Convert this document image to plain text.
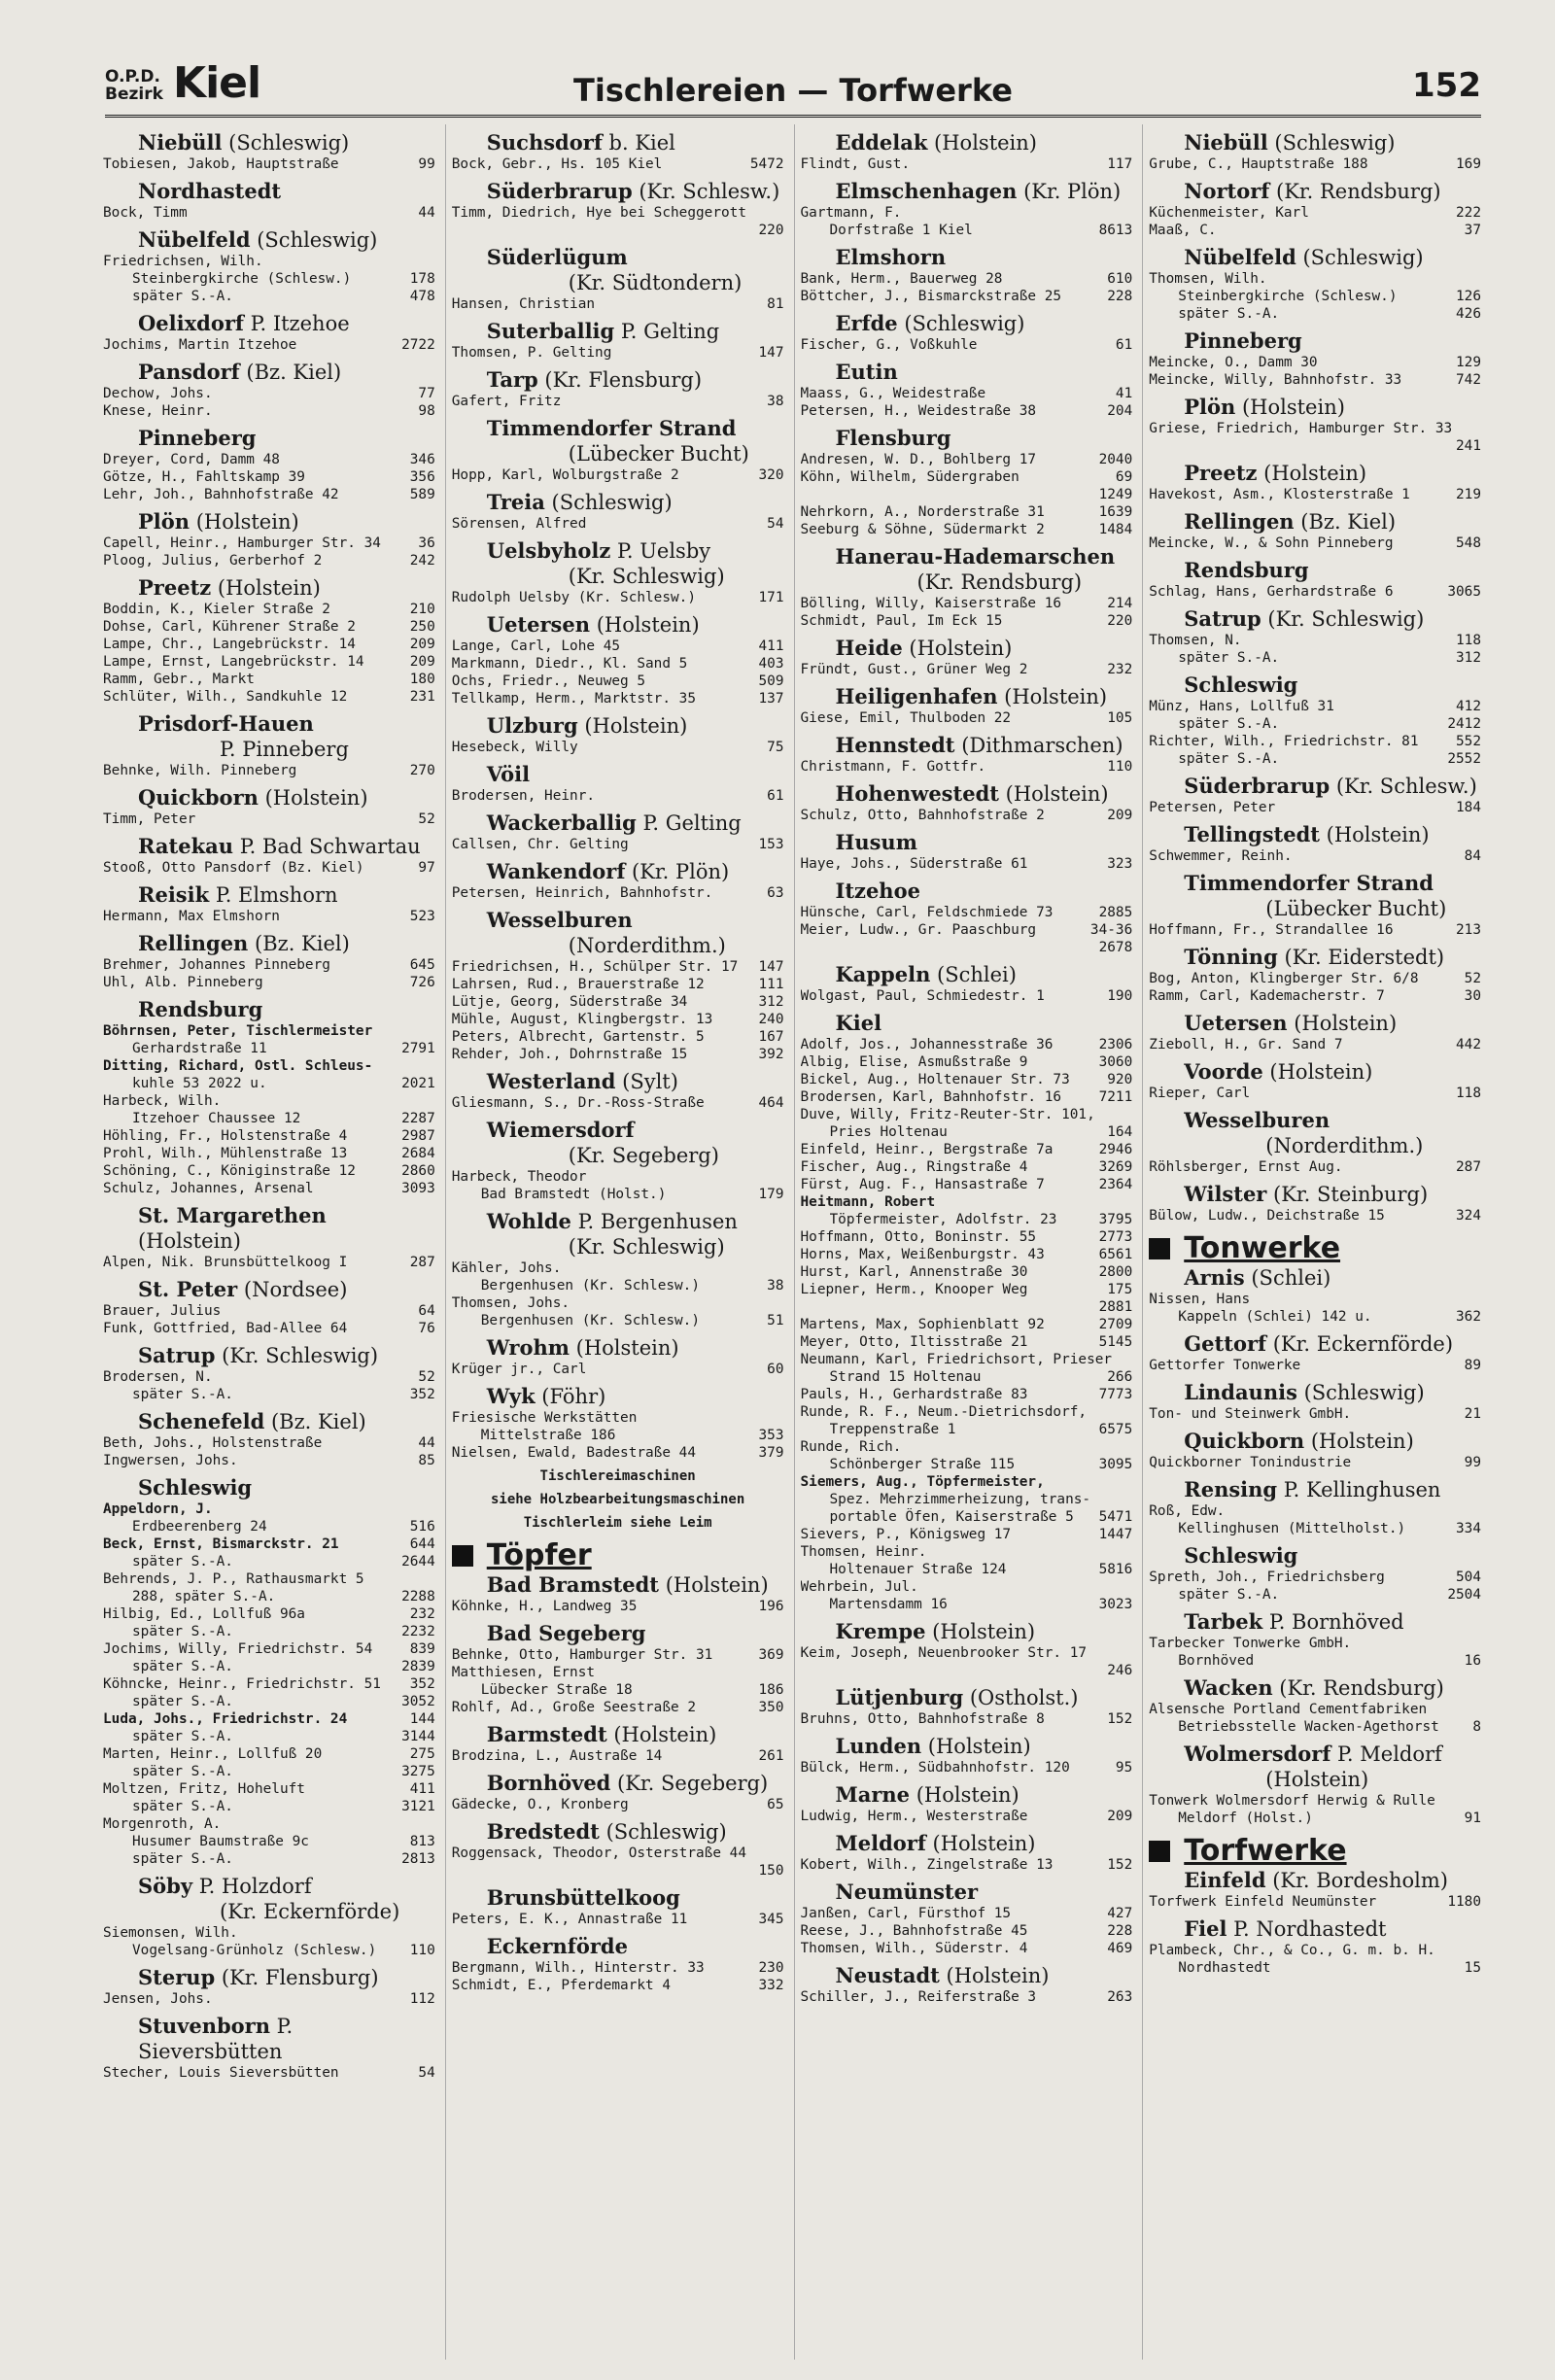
O.P.D.
Bezirk Kiel	Tischlereien — Torfwerke	152
Niebüll (Schleswig)
Tobiesen, Jakob, Hauptstraße	99
Nordhastedt
Bock, Timm	44
Nübelfeld (Schleswig)
Friedrichsen, Wilh.
Steinbergkirche (Schlesw.)	178
später S.-A.	478
Oelixdorf P. Itzehoe
Jochims, Martin Itzehoe	2722
Pansdorf (Bz. Kiel)
Dechow, Johs.	77
Knese, Heinr.	98
Pinneberg
Dreyer, Cord, Damm 48	346
Götze, H., Fahltskamp 39	356
Lehr, Joh., Bahnhofstraße 42	589
Plön (Holstein)
Capell, Heinr., Hamburger Str. 34	36
Ploog, Julius, Gerberhof 2	242
Preetz (Holstein)
Boddin, K., Kieler Straße 2	210
Dohse, Carl, Kührener Straße 2	250
Lampe, Chr., Langebrückstr. 14	209
Lampe, Ernst, Langebrückstr. 14	209
Ramm, Gebr., Markt	180
Schlüter, Wilh., Sandkuhle 12	231
Prisdorf-Hauen
P. Pinneberg
Behnke, Wilh. Pinneberg	270
Quickborn (Holstein)
Timm, Peter	52
Ratekau P. Bad Schwartau
Stooß, Otto Pansdorf (Bz. Kiel)	97
Reisik P. Elmshorn
Hermann, Max Elmshorn	523
Rellingen (Bz. Kiel)
Brehmer, Johannes Pinneberg	645
Uhl, Alb. Pinneberg	726
Rendsburg
Böhrnsen, Peter, Tischlermeister
Gerhardstraße 11	2791
Ditting, Richard, Ostl. Schleus-
kuhle 53 2022 u.	2021
Harbeck, Wilh.
Itzehoer Chaussee 12	2287
Höhling, Fr., Holstenstraße 4	2987
Prohl, Wilh., Mühlenstraße 13	2684
Schöning, C., Königinstraße 12	2860
Schulz, Johannes, Arsenal	3093
St. Margarethen (Holstein)
Alpen, Nik. Brunsbüttelkoog I	287
St. Peter (Nordsee)
Brauer, Julius	64
Funk, Gottfried, Bad-Allee 64	76
Satrup (Kr. Schleswig)
Brodersen, N.	52
später S.-A.	352
Schenefeld (Bz. Kiel)
Beth, Johs., Holstenstraße	44
Ingwersen, Johs.	85
Schleswig
Appeldorn, J.
Erdbeerenberg 24	516
Beck, Ernst, Bismarckstr. 21	644
später S.-A.	2644
Behrends, J. P., Rathausmarkt 5
288, später S.-A.	2288
Hilbig, Ed., Lollfuß 96a	232
später S.-A.	2232
Jochims, Willy, Friedrichstr. 54	839
später S.-A.	2839
Köhncke, Heinr., Friedrichstr. 51 352
später S.-A.	3052
Luda, Johs., Friedrichstr. 24	144
später S.-A.	3144
Marten, Heinr., Lollfuß 20	275
später S.-A.	3275
Moltzen, Fritz, Hoheluft	411
später S.-A.	3121
Morgenroth, A.
Husumer Baumstraße 9c	813
später S.-A.	2813
Söby P. Holzdorf
(Kr. Eckernförde)
Siemonsen, Wilh.
Vogelsang-Grünholz (Schlesw.) 110
Sterup (Kr. Flensburg)
Jensen, Johs.	112
Stuvenborn P. Sieversbütten
Stecher, Louis Sieversbütten	54
Suchsdorf b. Kiel
Bock, Gebr., Hs. 105 Kiel	5472
Süderbrarup (Kr. Schlesw.)
Timm, Diedrich, Hye bei Scheggerott
220
Süderlügum
(Kr. Südtondern)
Hansen, Christian	81
Suterballig P. Gelting
Thomsen, P. Gelting	147
Tarp (Kr. Flensburg)
Gafert, Fritz	38
Timmendorfer Strand
(Lübecker Bucht)
Hopp, Karl, Wolburgstraße 2	320
Treia (Schleswig)
Sörensen, Alfred	54
Uelsbyholz P. Uelsby
(Kr. Schleswig)
Rudolph Uelsby (Kr. Schlesw.)	171
Uetersen (Holstein)
Lange, Carl, Lohe 45	411
Markmann, Diedr., Kl. Sand 5	403
Ochs, Friedr., Neuweg 5	509
Tellkamp, Herm., Marktstr. 35	137
Ulzburg (Holstein)
Hesebeck, Willy	75
Vöil
Brodersen, Heinr.	61
Wackerballig P. Gelting
Callsen, Chr. Gelting	153
Wankendorf (Kr. Plön)
Petersen, Heinrich, Bahnhofstr.	63
Wesselburen
(Norderdithm.)
Friedrichsen, H., Schülper Str. 17 147
Lahrsen, Rud., Brauerstraße 12	111
Lütje, Georg, Süderstraße 34	312
Mühle, August, Klingbergstr. 13	240
Peters, Albrecht, Gartenstr. 5	167
Rehder, Joh., Dohrnstraße 15	392
Westerland (Sylt)
Gliesmann, S., Dr.-Ross-Straße	464
Wiemersdorf
(Kr. Segeberg)
Harbeck, Theodor
Bad Bramstedt (Holst.)	179
Wohlde P. Bergenhusen
(Kr. Schleswig)
Kähler, Johs.
Bergenhusen (Kr. Schlesw.)	38
Thomsen, Johs.
Bergenhusen (Kr. Schlesw.)	51
Wrohm (Holstein)
Krüger jr., Carl	60
Wyk (Föhr)
Friesische Werkstätten
Mittelstraße 186	353
Nielsen, Ewald, Badestraße 44	379
Tischlereimaschinen
siehe Holzbearbeitungsmaschinen
Tischlerleim siehe Leim
Töpfer
Bad Bramstedt (Holstein)
Köhnke, H., Landweg 35	196
Bad Segeberg
Behnke, Otto, Hamburger Str. 31	369
Matthiesen, Ernst
Lübecker Straße 18	186
Rohlf, Ad., Große Seestraße 2	350
Barmstedt (Holstein)
Brodzina, L., Austraße 14	261
Bornhöved (Kr. Segeberg)
Gädecke, O., Kronberg	65
Bredstedt (Schleswig)
Roggensack, Theodor, Osterstraße 44
150
Brunsbüttelkoog
Peters, E. K., Annastraße 11	345
Eckernförde
Bergmann, Wilh., Hinterstr. 33	230
Schmidt, E., Pferdemarkt 4	332
Eddelak (Holstein)
Flindt, Gust.	117
Elmschenhagen (Kr. Plön)
Gartmann, F.
Dorfstraße 1 Kiel	8613
Elmshorn
Bank, Herm., Bauerweg 28	610
Böttcher, J., Bismarckstraße 25	228
Erfde (Schleswig)
Fischer, G., Voßkuhle	61
Eutin
Maass, G., Weidestraße	41
Petersen, H., Weidestraße 38	204
Flensburg
Andresen, W. D., Bohlberg 17	2040
Köhn, Wilhelm, Südergraben	69
1249
Nehrkorn, A., Norderstraße 31	1639
Seeburg & Söhne, Südermarkt 2	1484
Hanerau-Hademarschen
(Kr. Rendsburg)
Bölling, Willy, Kaiserstraße 16	214
Schmidt, Paul, Im Eck 15	220
Heide (Holstein)
Fründt, Gust., Grüner Weg 2	232
Heiligenhafen (Holstein)
Giese, Emil, Thulboden 22	105
Hennstedt (Dithmarschen)
Christmann, F. Gottfr.	110
Hohenwestedt (Holstein)
Schulz, Otto, Bahnhofstraße 2	209
Husum
Haye, Johs., Süderstraße 61	323
Itzehoe
Hünsche, Carl, Feldschmiede 73	2885
Meier, Ludw., Gr. Paaschburg	34-36
2678
Kappeln (Schlei)
Wolgast, Paul, Schmiedestr. 1	190
Kiel
Adolf, Jos., Johannesstraße 36	2306
Albig, Elise, Asmußstraße 9	3060
Bickel, Aug., Holtenauer Str. 73	920
Brodersen, Karl, Bahnhofstr. 16	7211
Duve, Willy, Fritz-Reuter-Str. 101,
Pries Holtenau	164
Einfeld, Heinr., Bergstraße 7a	2946
Fischer, Aug., Ringstraße 4	3269
Fürst, Aug. F., Hansastraße 7	2364
Heitmann, Robert
Töpfermeister, Adolfstr. 23	3795
Hoffmann, Otto, Boninstr. 55	2773
Horns, Max, Weißenburgstr. 43	6561
Hurst, Karl, Annenstraße 30	2800
Liepner, Herm., Knooper Weg	175
2881
Martens, Max, Sophienblatt 92	2709
Meyer, Otto, Iltisstraße 21	5145
Neumann, Karl, Friedrichsort, Prieser
Strand 15 Holtenau	266
Pauls, H., Gerhardstraße 83	7773
Runde, R. F., Neum.-Dietrichsdorf,
Treppenstraße 1	6575
Runde, Rich.
Schönberger Straße 115	3095
Siemers, Aug., Töpfermeister,
Spez. Mehrzimmerheizung, trans-
portable Öfen, Kaiserstraße 5 5471
Sievers, P., Königsweg 17	1447
Thomsen, Heinr.
Holtenauer Straße 124	5816
Wehrbein, Jul.
Martensdamm 16	3023
Krempe (Holstein)
Keim, Joseph, Neuenbrooker Str. 17
246
Lütjenburg (Ostholst.)
Bruhns, Otto, Bahnhofstraße 8	152
Lunden (Holstein)
Bülck, Herm., Südbahnhofstr. 120	95
Marne (Holstein)
Ludwig, Herm., Westerstraße	209
Meldorf (Holstein)
Kobert, Wilh., Zingelstraße 13	152
Neumünster
Janßen, Carl, Fürsthof 15	427
Reese, J., Bahnhofstraße 45	228
Thomsen, Wilh., Süderstr. 4	469
Neustadt (Holstein)
Schiller, J., Reiferstraße 3	263
Niebüll (Schleswig)
Grube, C., Hauptstraße 188	169
Nortorf (Kr. Rendsburg)
Küchenmeister, Karl	222
Maaß, C.	37
Nübelfeld (Schleswig)
Thomsen, Wilh.
Steinbergkirche (Schlesw.)	126
später S.-A.	426
Pinneberg
Meincke, O., Damm 30	129
Meincke, Willy, Bahnhofstr. 33	742
Plön (Holstein)
Griese, Friedrich, Hamburger Str. 33
241
Preetz (Holstein)
Havekost, Asm., Klosterstraße 1	219
Rellingen (Bz. Kiel)
Meincke, W., & Sohn Pinneberg	548
Rendsburg
Schlag, Hans, Gerhardstraße 6	3065
Satrup (Kr. Schleswig)
Thomsen, N.	118
später S.-A.	312
Schleswig
Münz, Hans, Lollfuß 31	412
später S.-A.	2412
Richter, Wilh., Friedrichstr. 81	552
später S.-A.	2552
Süderbrarup (Kr. Schlesw.)
Petersen, Peter	184
Tellingstedt (Holstein)
Schwemmer, Reinh.	84
Timmendorfer Strand
(Lübecker Bucht)
Hoffmann, Fr., Strandallee 16	213
Tönning (Kr. Eiderstedt)
Bog, Anton, Klingberger Str. 6/8	52
Ramm, Carl, Kademacherstr. 7	30
Uetersen (Holstein)
Zieboll, H., Gr. Sand 7	442
Voorde (Holstein)
Rieper, Carl	118
Wesselburen
(Norderdithm.)
Röhlsberger, Ernst Aug.	287
Wilster (Kr. Steinburg)
Bülow, Ludw., Deichstraße 15	324
Tonwerke
Arnis (Schlei)
Nissen, Hans
Kappeln (Schlei) 142 u.	362
Gettorf (Kr. Eckernförde)
Gettorfer Tonwerke	89
Lindaunis (Schleswig)
Ton- und Steinwerk GmbH.	21
Quickborn (Holstein)
Quickborner Tonindustrie	99
Rensing P. Kellinghusen
Roß, Edw.
Kellinghusen (Mittelholst.)	334
Schleswig
Spreth, Joh., Friedrichsberg	504
später S.-A.	2504
Tarbek P. Bornhöved
Tarbecker Tonwerke GmbH.
Bornhöved	16
Wacken (Kr. Rendsburg)
Alsensche Portland Cementfabriken
Betriebsstelle Wacken-Agethorst 8
Wolmersdorf P. Meldorf
(Holstein)
Tonwerk Wolmersdorf Herwig & Rulle
Meldorf (Holst.)	91
Torfwerke
Einfeld (Kr. Bordesholm)
Torfwerk Einfeld Neumünster	1180
Fiel P. Nordhastedt
Plambeck, Chr., & Co., G. m. b. H.
Nordhastedt	15
